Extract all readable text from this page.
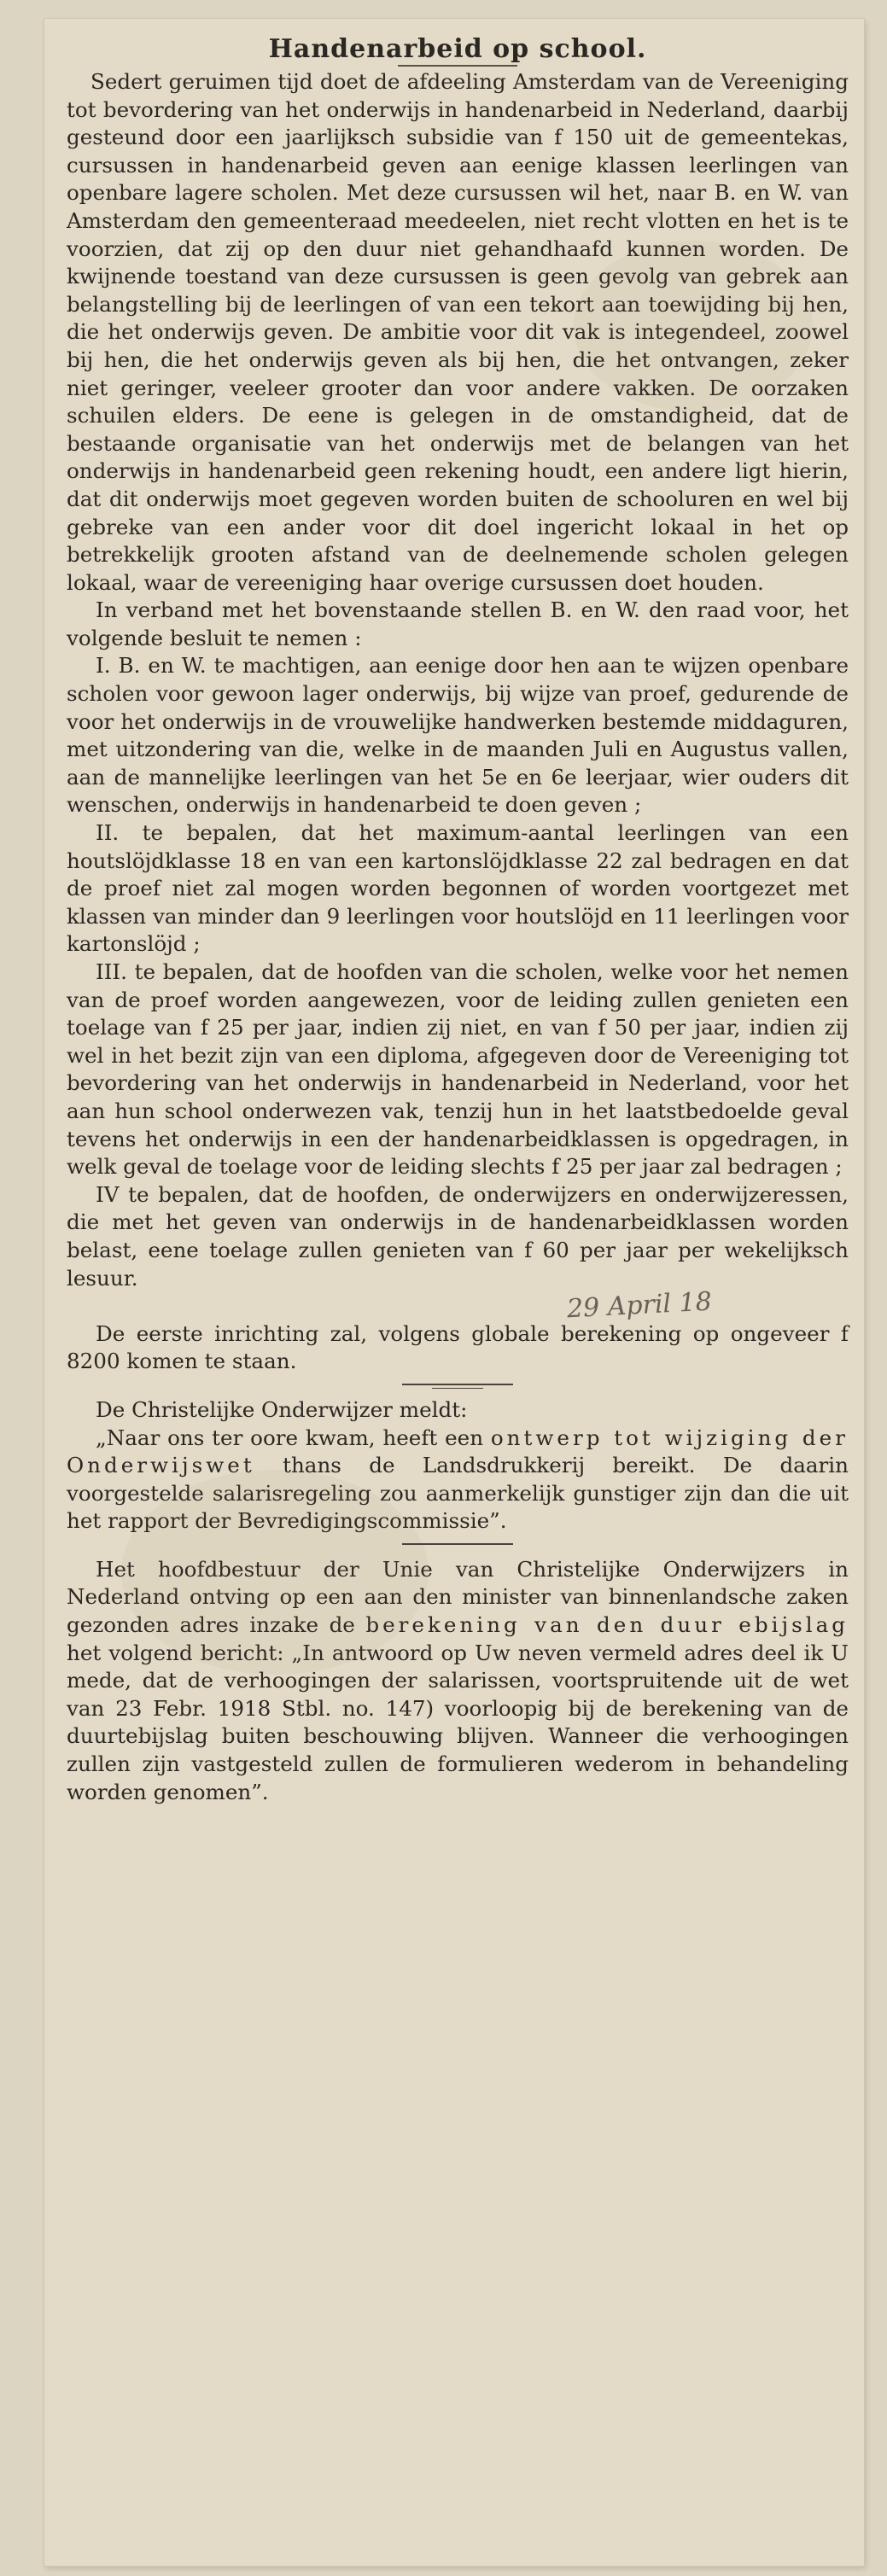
Handenarbeid op school.

Sedert geruimen tijd doet de afdeeling Amsterdam van de Vereeniging tot bevordering van het onderwijs in handenarbeid in Nederland, daarbij gesteund door een jaarlijksch subsidie van f 150 uit de gemeentekas, cursussen in handenarbeid geven aan eenige klassen leerlingen van openbare lagere scholen. Met deze cursussen wil het, naar B. en W. van Amsterdam den gemeenteraad meedeelen, niet recht vlotten en het is te voorzien, dat zij op den duur niet gehandhaafd kunnen worden. De kwijnende toestand van deze cursussen is geen gevolg van gebrek aan belangstelling bij de leerlingen of van een tekort aan toewijding bij hen, die het onderwijs geven. De ambitie voor dit vak is integendeel, zoowel bij hen, die het onderwijs geven als bij hen, die het ontvangen, zeker niet geringer, veeleer grooter dan voor andere vakken. De oorzaken schuilen elders. De eene is gelegen in de omstandigheid, dat de bestaande organisatie van het onderwijs met de belangen van het onderwijs in handenarbeid geen rekening houdt, een andere ligt hierin, dat dit onderwijs moet gegeven worden buiten de schooluren en wel bij gebreke van een ander voor dit doel ingericht lokaal in het op betrekkelijk grooten afstand van de deelnemende scholen gelegen lokaal, waar de vereeniging haar overige cursussen doet houden.

In verband met het bovenstaande stellen B. en W. den raad voor, het volgende besluit te nemen :

I. B. en W. te machtigen, aan eenige door hen aan te wijzen openbare scholen voor gewoon lager onderwijs, bij wijze van proef, gedurende de voor het onderwijs in de vrouwelijke handwerken bestemde middaguren, met uitzondering van die, welke in de maanden Juli en Augustus vallen, aan de mannelijke leerlingen van het 5e en 6e leerjaar, wier ouders dit wenschen, onderwijs in handenarbeid te doen geven ;

II. te bepalen, dat het maximum-aantal leerlingen van een houtslöjdklasse 18 en van een kartonslöjdklasse 22 zal bedragen en dat de proef niet zal mogen worden begonnen of worden voortgezet met klassen van minder dan 9 leerlingen voor houtslöjd en 11 leerlingen voor kartonslöjd ;

III. te bepalen, dat de hoofden van die scholen, welke voor het nemen van de proef worden aangewezen, voor de leiding zullen genieten een toelage van f 25 per jaar, indien zij niet, en van f 50 per jaar, indien zij wel in het bezit zijn van een diploma, afgegeven door de Vereeniging tot bevordering van het onderwijs in handenarbeid in Nederland, voor het aan hun school onderwezen vak, tenzij hun in het laatstbedoelde geval tevens het onderwijs in een der handenarbeidklassen is opgedragen, in welk geval de toelage voor de leiding slechts f 25 per jaar zal bedragen ;

IV te bepalen, dat de hoofden, de onderwijzers en onderwijzeressen, die met het geven van onderwijs in de handenarbeidklassen worden belast, eene toelage zullen genieten van f 60 per jaar per wekelijksch lesuur.

29 April 18

De eerste inrichting zal, volgens globale berekening op ongeveer f 8200 komen te staan.

De Christelijke Onderwijzer meldt:

„Naar ons ter oore kwam, heeft een ontwerp tot wijziging der Onderwijswet thans de Landsdrukkerij bereikt. De daarin voorgestelde salarisregeling zou aanmerkelijk gunstiger zijn dan die uit het rapport der Bevredigingscommissie”.

Het hoofdbestuur der Unie van Christelijke Onderwijzers in Nederland ontving op een aan den minister van binnenlandsche zaken gezonden adres inzake de berekening van den duur ebijslag het volgend bericht: „In antwoord op Uw neven vermeld adres deel ik U mede, dat de verhoogingen der salarissen, voortspruitende uit de wet van 23 Febr. 1918 Stbl. no. 147) voorloopig bij de berekening van de duurtebijslag buiten beschouwing blijven. Wanneer die verhoogingen zullen zijn vastgesteld zullen de formulieren wederom in behandeling worden genomen”.
